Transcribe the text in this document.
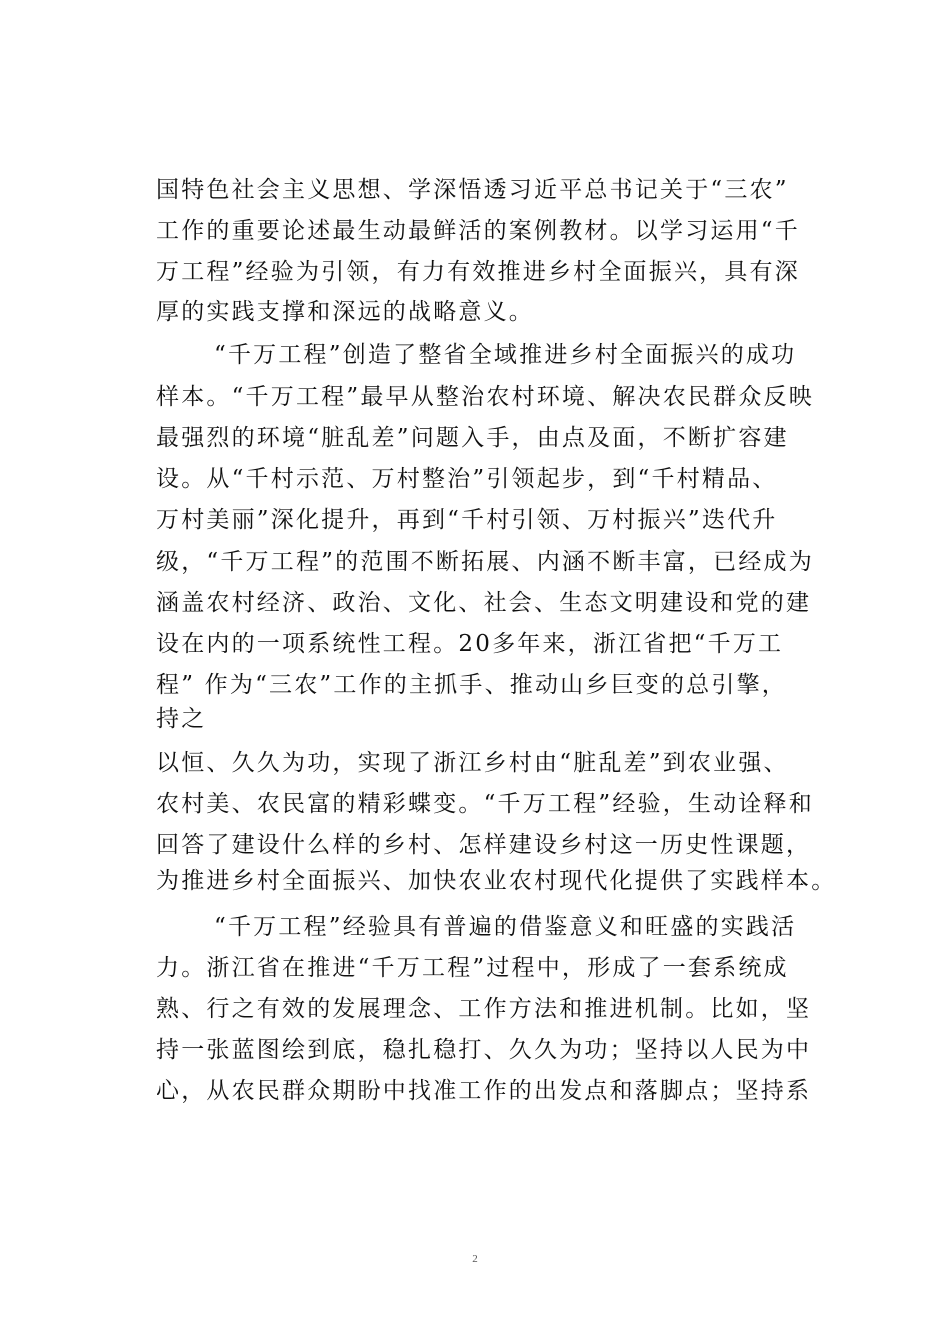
国特色社会主义思想、学深悟透习近平总书记关于“三农”
工作的重要论述最生动最鲜活的案例教材。以学习运用“千
万工程”经验为引领，有力有效推进乡村全面振兴，具有深
厚的实践支撑和深远的战略意义。
“千万工程”创造了整省全域推进乡村全面振兴的成功
样本。“千万工程”最早从整治农村环境、解决农民群众反映
最强烈的环境“脏乱差”问题入手，由点及面，不断扩容建
设。从“千村示范、万村整治”引领起步，到“千村精品、
万村美丽”深化提升，再到“千村引领、万村振兴”迭代升
级，“千万工程”的范围不断拓展、内涵不断丰富，已经成为
涵盖农村经济、政治、文化、社会、生态文明建设和党的建
设在内的一项系统性工程。20多年来，浙江省把“千万工
程” 作为“三农”工作的主抓手、推动山乡巨变的总引擎，
持之
以恒、久久为功，实现了浙江乡村由“脏乱差”到农业强、
农村美、农民富的精彩蝶变。“千万工程”经验，生动诠释和
回答了建设什么样的乡村、怎样建设乡村这一历史性课题，
为推进乡村全面振兴、加快农业农村现代化提供了实践样本。
“千万工程”经验具有普遍的借鉴意义和旺盛的实践活
力。浙江省在推进“千万工程”过程中，形成了一套系统成
熟、行之有效的发展理念、工作方法和推进机制。比如，坚
持一张蓝图绘到底，稳扎稳打、久久为功；坚持以人民为中
心，从农民群众期盼中找准工作的出发点和落脚点；坚持系
2
